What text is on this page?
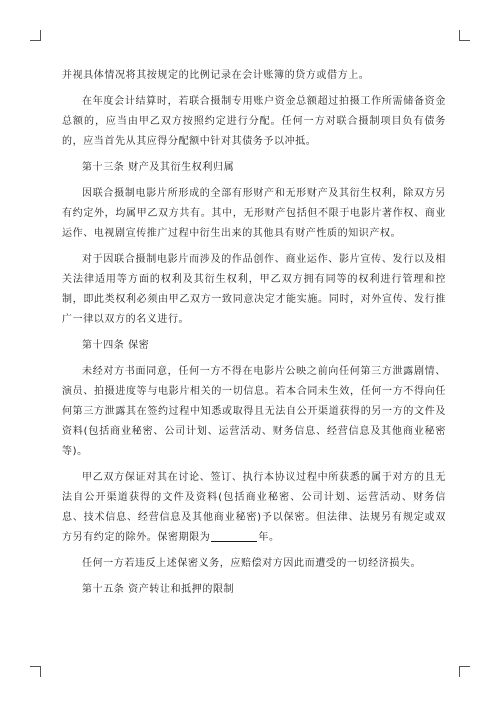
并视具体情况将其按规定的比例记录在会计账簿的贷方或借方上。

在年度会计结算时，若联合摄制专用账户资金总额超过拍摄工作所需储备资金总额的，应当由甲乙双方按照约定进行分配。任何一方对联合摄制项目负有债务的，应当首先从其应得分配额中针对其债务予以冲抵。

第十三条 财产及其衍生权利归属

因联合摄制电影片所形成的全部有形财产和无形财产及其衍生权利，除双方另有约定外，均属甲乙双方共有。其中，无形财产包括但不限于电影片著作权、商业运作、电视剧宣传推广过程中衍生出来的其他具有财产性质的知识产权。

对于因联合摄制电影片而涉及的作品创作、商业运作、影片宣传、发行以及相关法律适用等方面的权利及其衍生权利，甲乙双方拥有同等的权利进行管理和控制，即此类权利必须由甲乙双方一致同意决定才能实施。同时，对外宣传、发行推广一律以双方的名义进行。

第十四条 保密

未经对方书面同意，任何一方不得在电影片公映之前向任何第三方泄露剧情、演员、拍摄进度等与电影片相关的一切信息。若本合同未生效，任何一方不得向任何第三方泄露其在签约过程中知悉或取得且无法自公开渠道获得的另一方的文件及资料(包括商业秘密、公司计划、运营活动、财务信息、经营信息及其他商业秘密等)。

甲乙双方保证对其在讨论、签订、执行本协议过程中所获悉的属于对方的且无法自公开渠道获得的文件及资料(包括商业秘密、公司计划、运营活动、财务信息、技术信息、经营信息及其他商业秘密)予以保密。但法律、法规另有规定或双方另有约定的除外。保密期限为	年。

任何一方若违反上述保密义务，应赔偿对方因此而遭受的一切经济损失。

第十五条 资产转让和抵押的限制
